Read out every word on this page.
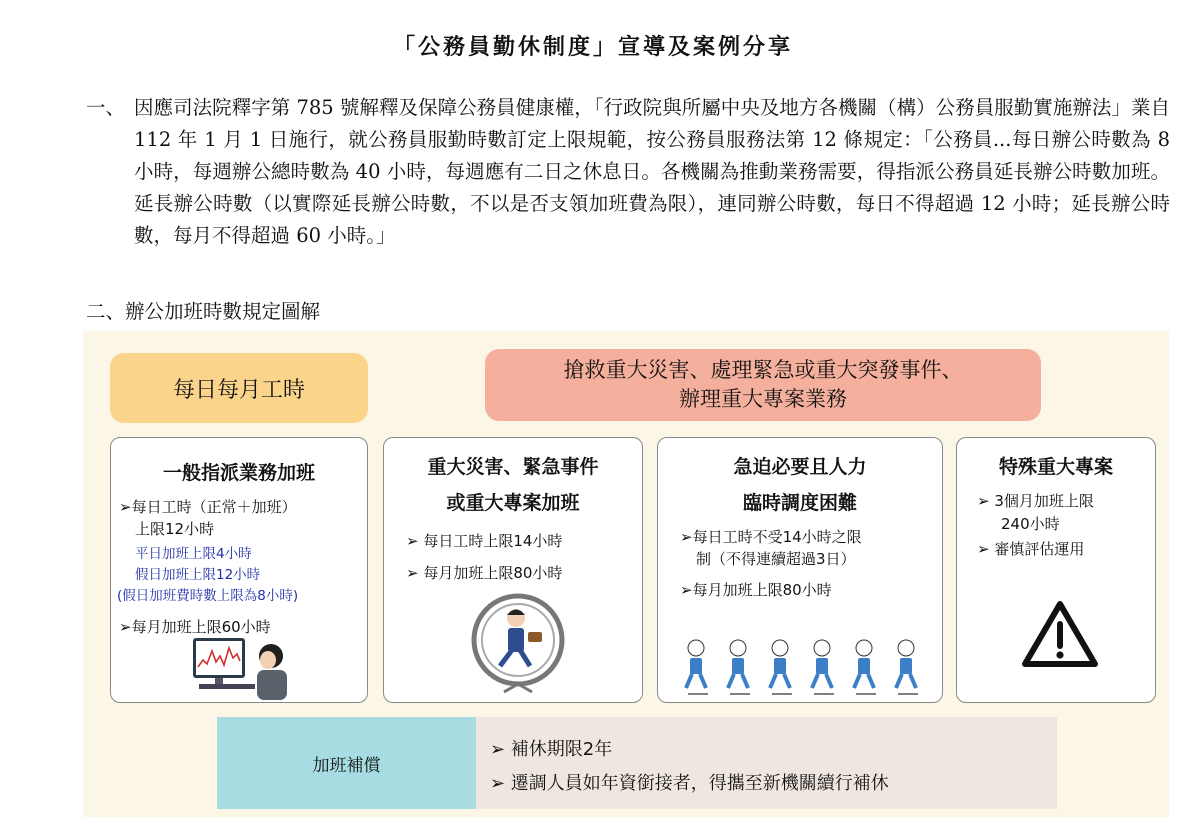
「公務員勤休制度」宣導及案例分享
一、 因應司法院釋字第 785 號解釋及保障公務員健康權，「行政院與所屬中央及地方各機關（構）公務員服勤實施辦法」業自 112 年 1 月 1 日施行，就公務員服勤時數訂定上限規範，按公務員服務法第 12 條規定：「公務員...每日辦公時數為 8 小時，每週辦公總時數為 40 小時，每週應有二日之休息日。各機關為推動業務需要，得指派公務員延長辦公時數加班。延長辦公時數（以實際延長辦公時數，不以是否支領加班費為限），連同辦公時數，每日不得超過 12 小時；延長辦公時數，每月不得超過 60 小時。」
二、辦公加班時數規定圖解
每日每月工時
搶救重大災害、處理緊急或重大突發事件、
辦理重大專案業務
一般指派業務加班
➢每日工時（正常＋加班）
上限12小時
平日加班上限4小時
假日加班上限12小時
(假日加班費時數上限為8小時)
➢每月加班上限60小時
重大災害、緊急事件
或重大專案加班
➢ 每日工時上限14小時
➢ 每月加班上限80小時
急迫必要且人力
臨時調度困難
➢每日工時不受14小時之限
制（不得連續超過3日）
➢每月加班上限80小時
特殊重大專案
➢ 3個月加班上限
240小時
➢ 審慎評估運用
加班補償
➢ 補休期限2年
➢ 遷調人員如年資銜接者，得攜至新機關續行補休
